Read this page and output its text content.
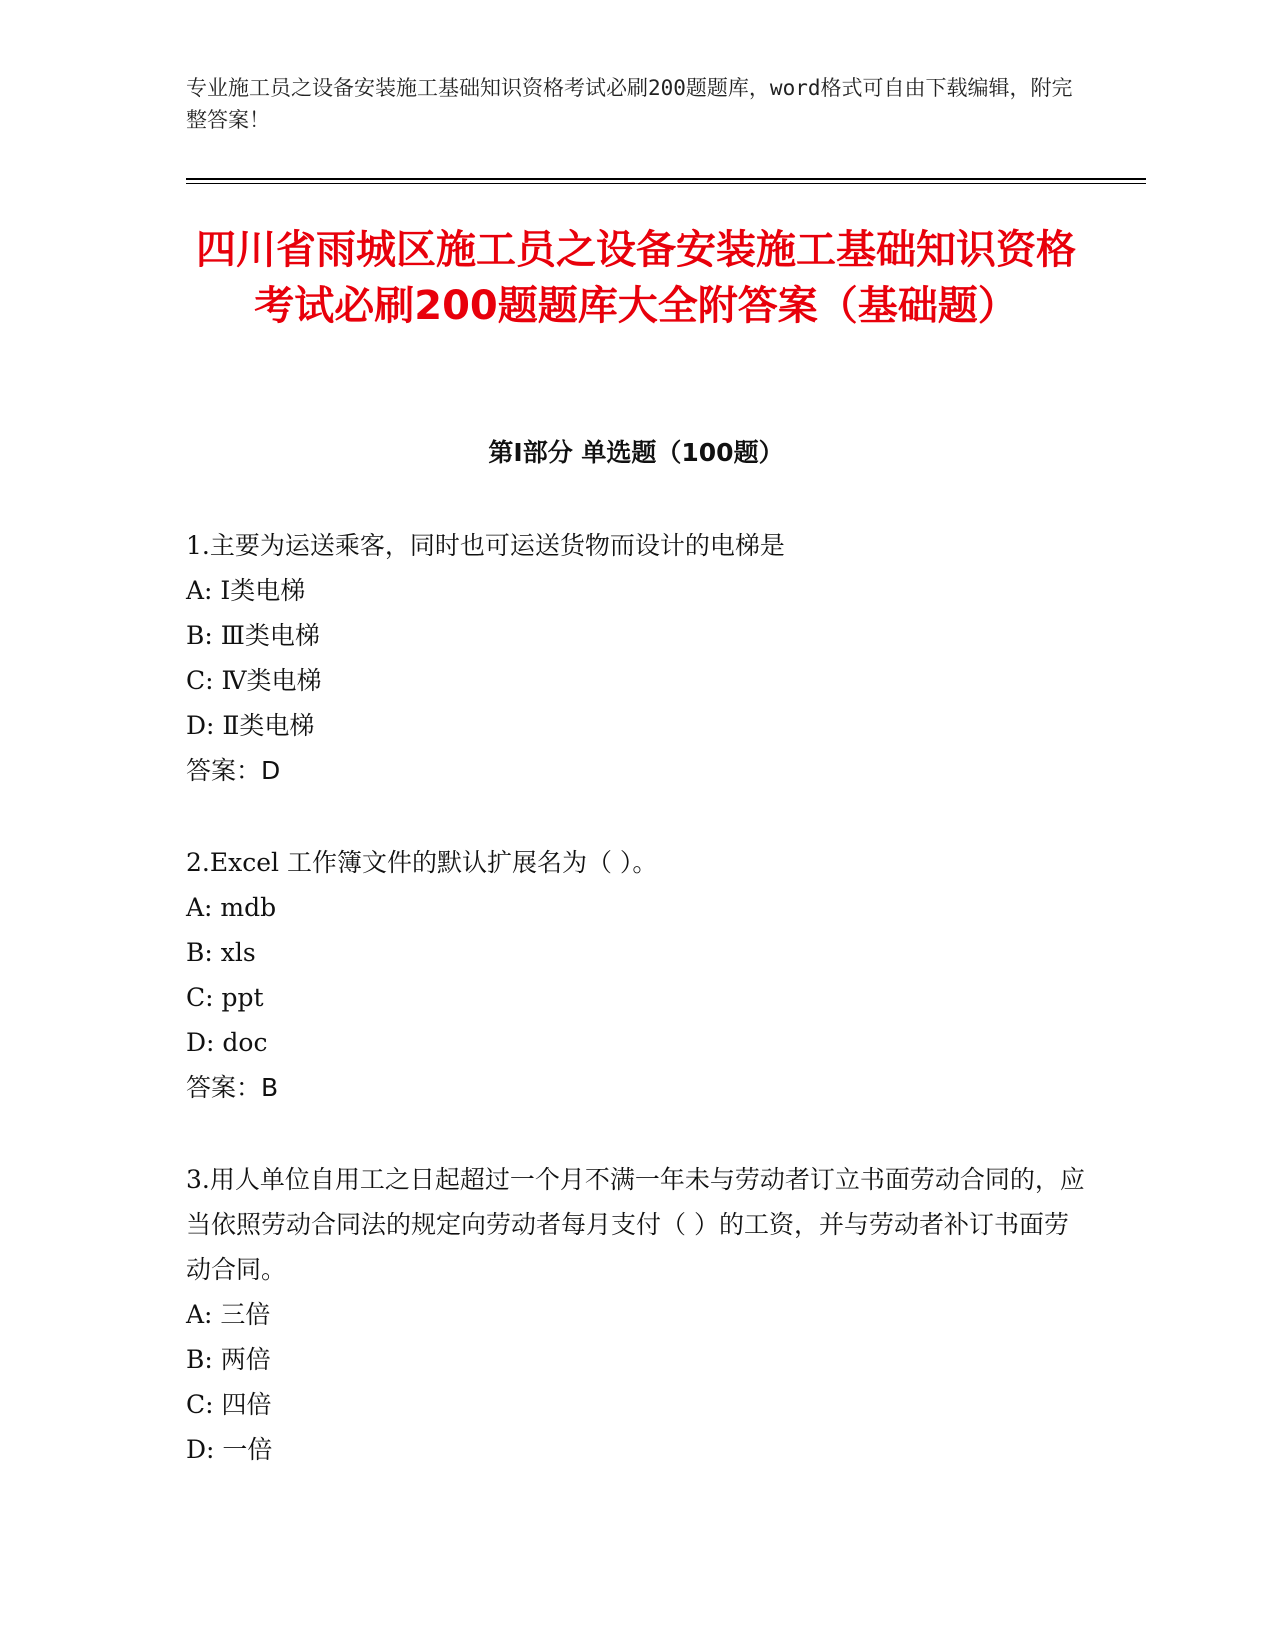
专业施工员之设备安装施工基础知识资格考试必刷200题题库，word格式可自由下载编辑，附完整答案！
四川省雨城区施工员之设备安装施工基础知识资格考试必刷200题题库大全附答案（基础题）
第Ⅰ部分 单选题（100题）
1.主要为运送乘客，同时也可运送货物而设计的电梯是
A: Ⅰ类电梯
B: Ⅲ类电梯
C: Ⅳ类电梯
D: Ⅱ类电梯
答案：D
2.Excel 工作簿文件的默认扩展名为（ ）。
A: mdb
B: xls
C: ppt
D: doc
答案：B
3.用人单位自用工之日起超过一个月不满一年未与劳动者订立书面劳动合同的，应当依照劳动合同法的规定向劳动者每月支付（ ）的工资，并与劳动者补订书面劳动合同。
A: 三倍
B: 两倍
C: 四倍
D: 一倍
